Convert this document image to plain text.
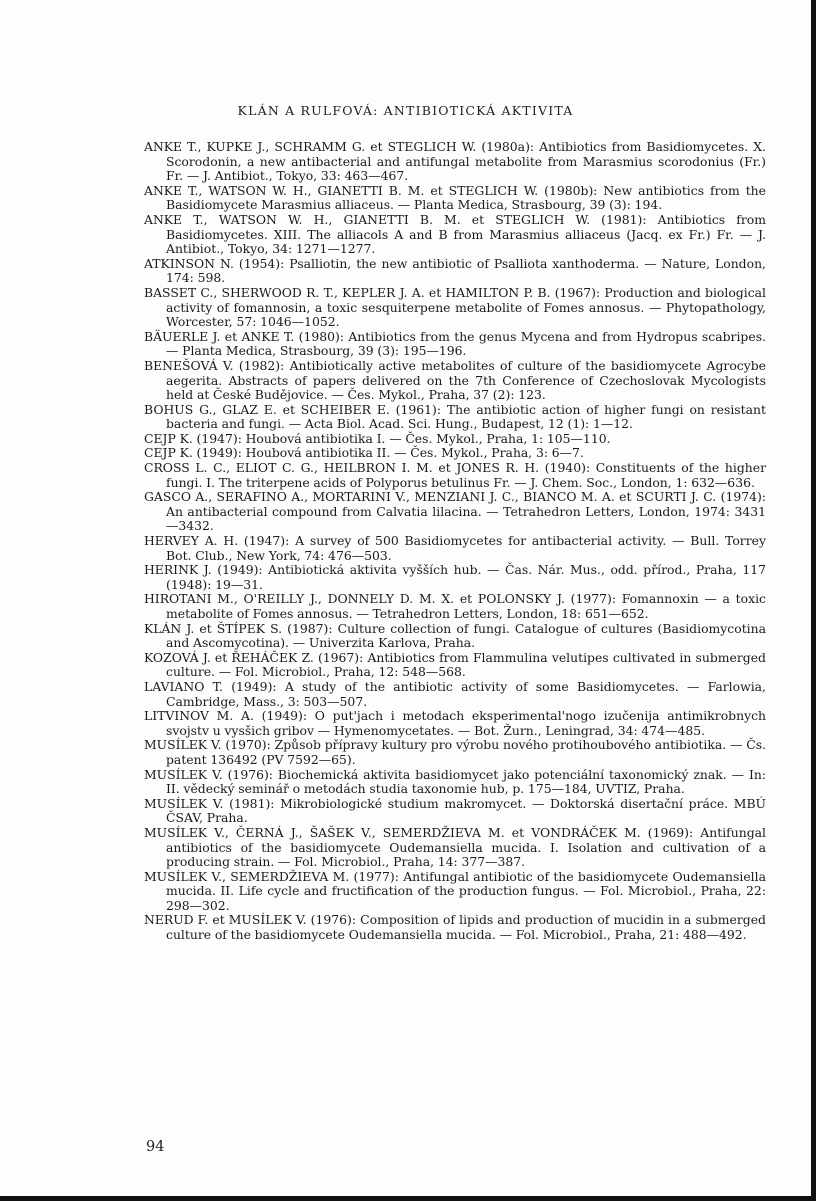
KLÁN A RULFOVÁ: ANTIBIOTICKÁ AKTIVITA

ANKE T., KUPKE J., SCHRAMM G. et STEGLICH W. (1980a): Antibiotics from Basidiomycetes. X. Scorodonin, a new antibacterial and antifungal metabolite from Marasmius scorodonius (Fr.) Fr. — J. Antibiot., Tokyo, 33: 463—467.

ANKE T., WATSON W. H., GIANETTI B. M. et STEGLICH W. (1980b): New antibiotics from the Basidiomycete Marasmius alliaceus. — Planta Medica, Strasbourg, 39 (3): 194.

ANKE T., WATSON W. H., GIANETTI B. M. et STEGLICH W. (1981): Antibiotics from Basidiomycetes. XIII. The alliacols A and B from Marasmius alliaceus (Jacq. ex Fr.) Fr. — J. Antibiot., Tokyo, 34: 1271—1277.

ATKINSON N. (1954): Psalliotin, the new antibiotic of Psalliota xanthoderma. — Nature, London, 174: 598.

BASSET C., SHERWOOD R. T., KEPLER J. A. et HAMILTON P. B. (1967): Production and biological activity of fomannosin, a toxic sesquiterpene metabolite of Fomes annosus. — Phytopathology, Worcester, 57: 1046—1052.

BÄUERLE J. et ANKE T. (1980): Antibiotics from the genus Mycena and from Hydropus scabripes. — Planta Medica, Strasbourg, 39 (3): 195—196.

BENEŠOVÁ V. (1982): Antibiotically active metabolites of culture of the basidiomycete Agrocybe aegerita. Abstracts of papers delivered on the 7th Conference of Czechoslovak Mycologists held at České Budějovice. — Čes. Mykol., Praha, 37 (2): 123.

BOHUS G., GLAZ E. et SCHEIBER E. (1961): The antibiotic action of higher fungi on resistant bacteria and fungi. — Acta Biol. Acad. Sci. Hung., Budapest, 12 (1): 1—12.

CEJP K. (1947): Houbová antibiotika I. — Čes. Mykol., Praha, 1: 105—110.

CEJP K. (1949): Houbová antibiotika II. — Čes. Mykol., Praha, 3: 6—7.

CROSS L. C., ELIOT C. G., HEILBRON I. M. et JONES R. H. (1940): Constituents of the higher fungi. I. The triterpene acids of Polyporus betulinus Fr. — J. Chem. Soc., London, 1: 632—636.

GASCO A., SERAFINO A., MORTARINI V., MENZIANI J. C., BIANCO M. A. et SCURTI J. C. (1974): An antibacterial compound from Calvatia lilacina. — Tetrahedron Letters, London, 1974: 3431—3432.

HERVEY A. H. (1947): A survey of 500 Basidiomycetes for antibacterial activity. — Bull. Torrey Bot. Club., New York, 74: 476—503.

HERINK J. (1949): Antibiotická aktivita vyšších hub. — Čas. Nár. Mus., odd. přírod., Praha, 117 (1948): 19—31.

HIROTANI M., O'REILLY J., DONNELY D. M. X. et POLONSKY J. (1977): Fomannoxin — a toxic metabolite of Fomes annosus. — Tetrahedron Letters, London, 18: 651—652.

KLÁN J. et ŠTÍPEK S. (1987): Culture collection of fungi. Catalogue of cultures (Basidiomycotina and Ascomycotina). — Univerzita Karlova, Praha.

KOZOVÁ J. et ŘEHÁČEK Z. (1967): Antibiotics from Flammulina velutipes cultivated in submerged culture. — Fol. Microbiol., Praha, 12: 548—568.

LAVIANO T. (1949): A study of the antibiotic activity of some Basidiomycetes. — Farlowia, Cambridge, Mass., 3: 503—507.

LITVINOV M. A. (1949): O put'jach i metodach eksperimental'nogo izučenija antimikrobnych svojstv u vysšich gribov — Hymenomycetates. — Bot. Žurn., Leningrad, 34: 474—485.

MUSÍLEK V. (1970): Způsob přípravy kultury pro výrobu nového protihoubového antibiotika. — Čs. patent 136492 (PV 7592—65).

MUSÍLEK V. (1976): Biochemická aktivita basidiomycet jako potenciální taxonomický znak. — In: II. vědecký seminář o metodách studia taxonomie hub, p. 175—184, UVTIZ, Praha.

MUSÍLEK V. (1981): Mikrobiologické studium makromycet. — Doktorská disertační práce. MBÚ ČSAV, Praha.

MUSÍLEK V., ČERNÁ J., ŠAŠEK V., SEMERDŽIEVA M. et VONDRÁČEK M. (1969): Antifungal antibiotics of the basidiomycete Oudemansiella mucida. I. Isolation and cultivation of a producing strain. — Fol. Microbiol., Praha, 14: 377—387.

MUSÍLEK V., SEMERDŽIEVA M. (1977): Antifungal antibiotic of the basidiomycete Oudemansiella mucida. II. Life cycle and fructification of the production fungus. — Fol. Microbiol., Praha, 22: 298—302.

NERUD F. et MUSÍLEK V. (1976): Composition of lipids and production of mucidin in a submerged culture of the basidiomycete Oudemansiella mucida. — Fol. Microbiol., Praha, 21: 488—492.

94
